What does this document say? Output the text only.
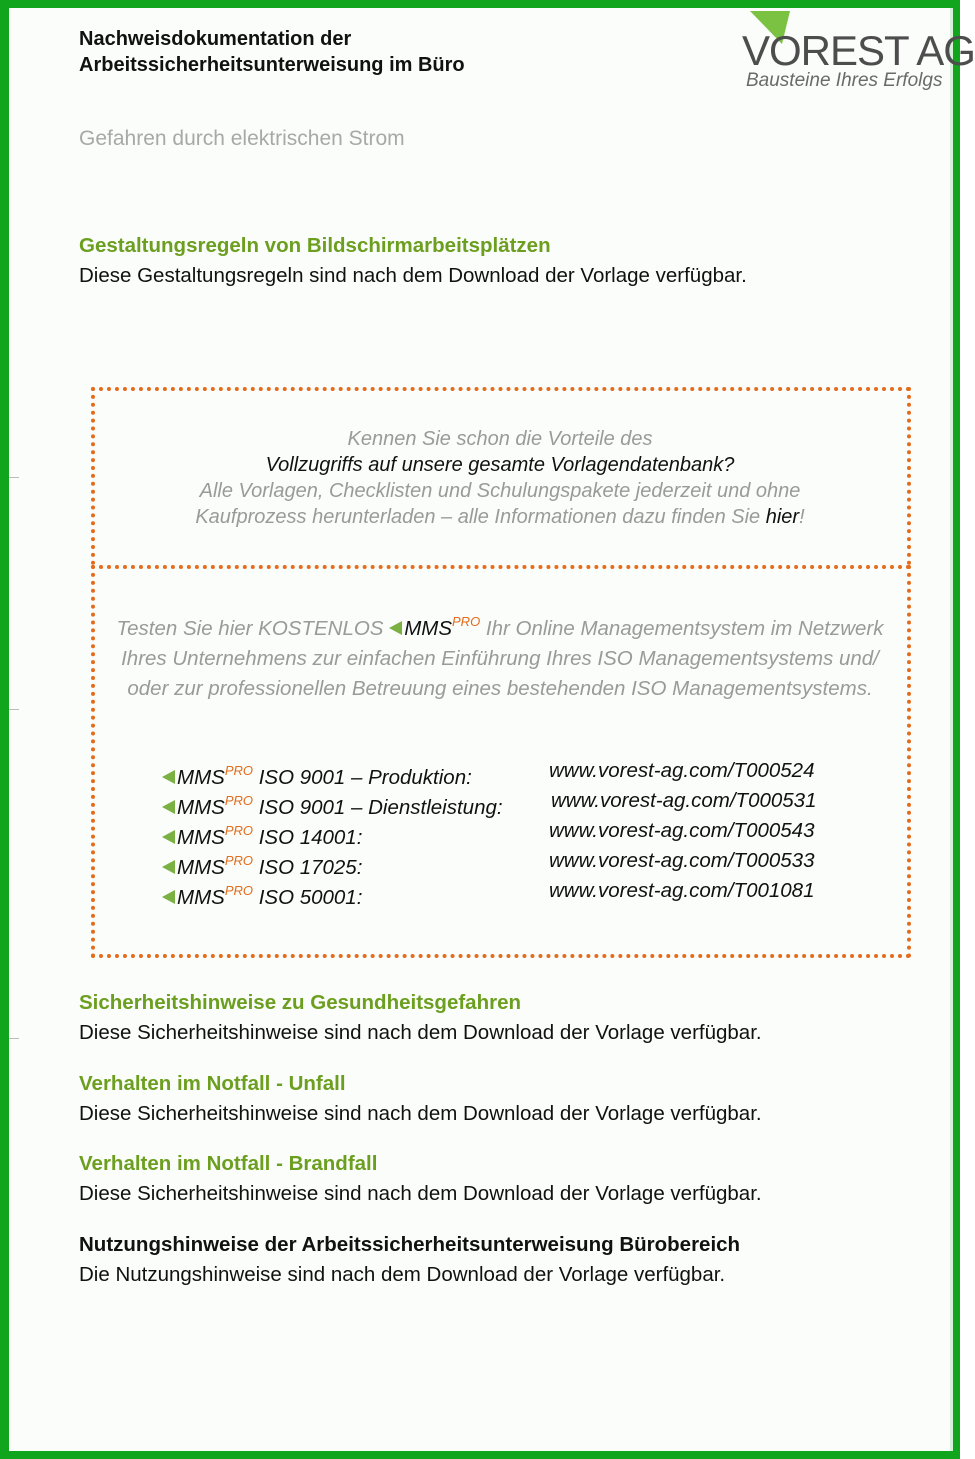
Nachweisdokumentation der
Arbeitssicherheitsunterweisung im Büro
Gefahren durch elektrischen Strom
VOREST AG
Bausteine Ihres Erfolgs
Gestaltungsregeln von Bildschirmarbeitsplätzen

Diese Gestaltungsregeln sind nach dem Download der Vorlage verfügbar.

Kennen Sie schon die Vorteile des
Vollzugriffs auf unsere gesamte Vorlagendatenbank?
Alle Vorlagen, Checklisten und Schulungspakete jederzeit und ohne
Kaufprozess herunterladen – alle Informationen dazu finden Sie hier!
Testen Sie hier KOSTENLOS $MMS^{PRO}$ Ihr Online Managementsystem im Netzwerk Ihres Unternehmens zur einfachen Einführung Ihres ISO Managementsystems und/ oder zur professionellen Betreuung eines bestehenden ISO Managementsystems.
$MMS^{PRO}$ ISO 9001 – Produktion:	www.vorest-ag.com/T000524
$MMS^{PRO}$ ISO 9001 – Dienstleistung: www.vorest-ag.com/T000531
$MMS^{PRO}$ ISO 14001:	www.vorest-ag.com/T000543
$MMS^{PRO}$ ISO 17025:	www.vorest-ag.com/T000533
$MMS^{PRO}$ ISO 50001:	www.vorest-ag.com/T001081
Sicherheitshinweise zu Gesundheitsgefahren

Diese Sicherheitshinweise sind nach dem Download der Vorlage verfügbar.

Verhalten im Notfall - Unfall

Diese Sicherheitshinweise sind nach dem Download der Vorlage verfügbar.

Verhalten im Notfall - Brandfall

Diese Sicherheitshinweise sind nach dem Download der Vorlage verfügbar.

Nutzungshinweise der Arbeitssicherheitsunterweisung Bürobereich

Die Nutzungshinweise sind nach dem Download der Vorlage verfügbar.
